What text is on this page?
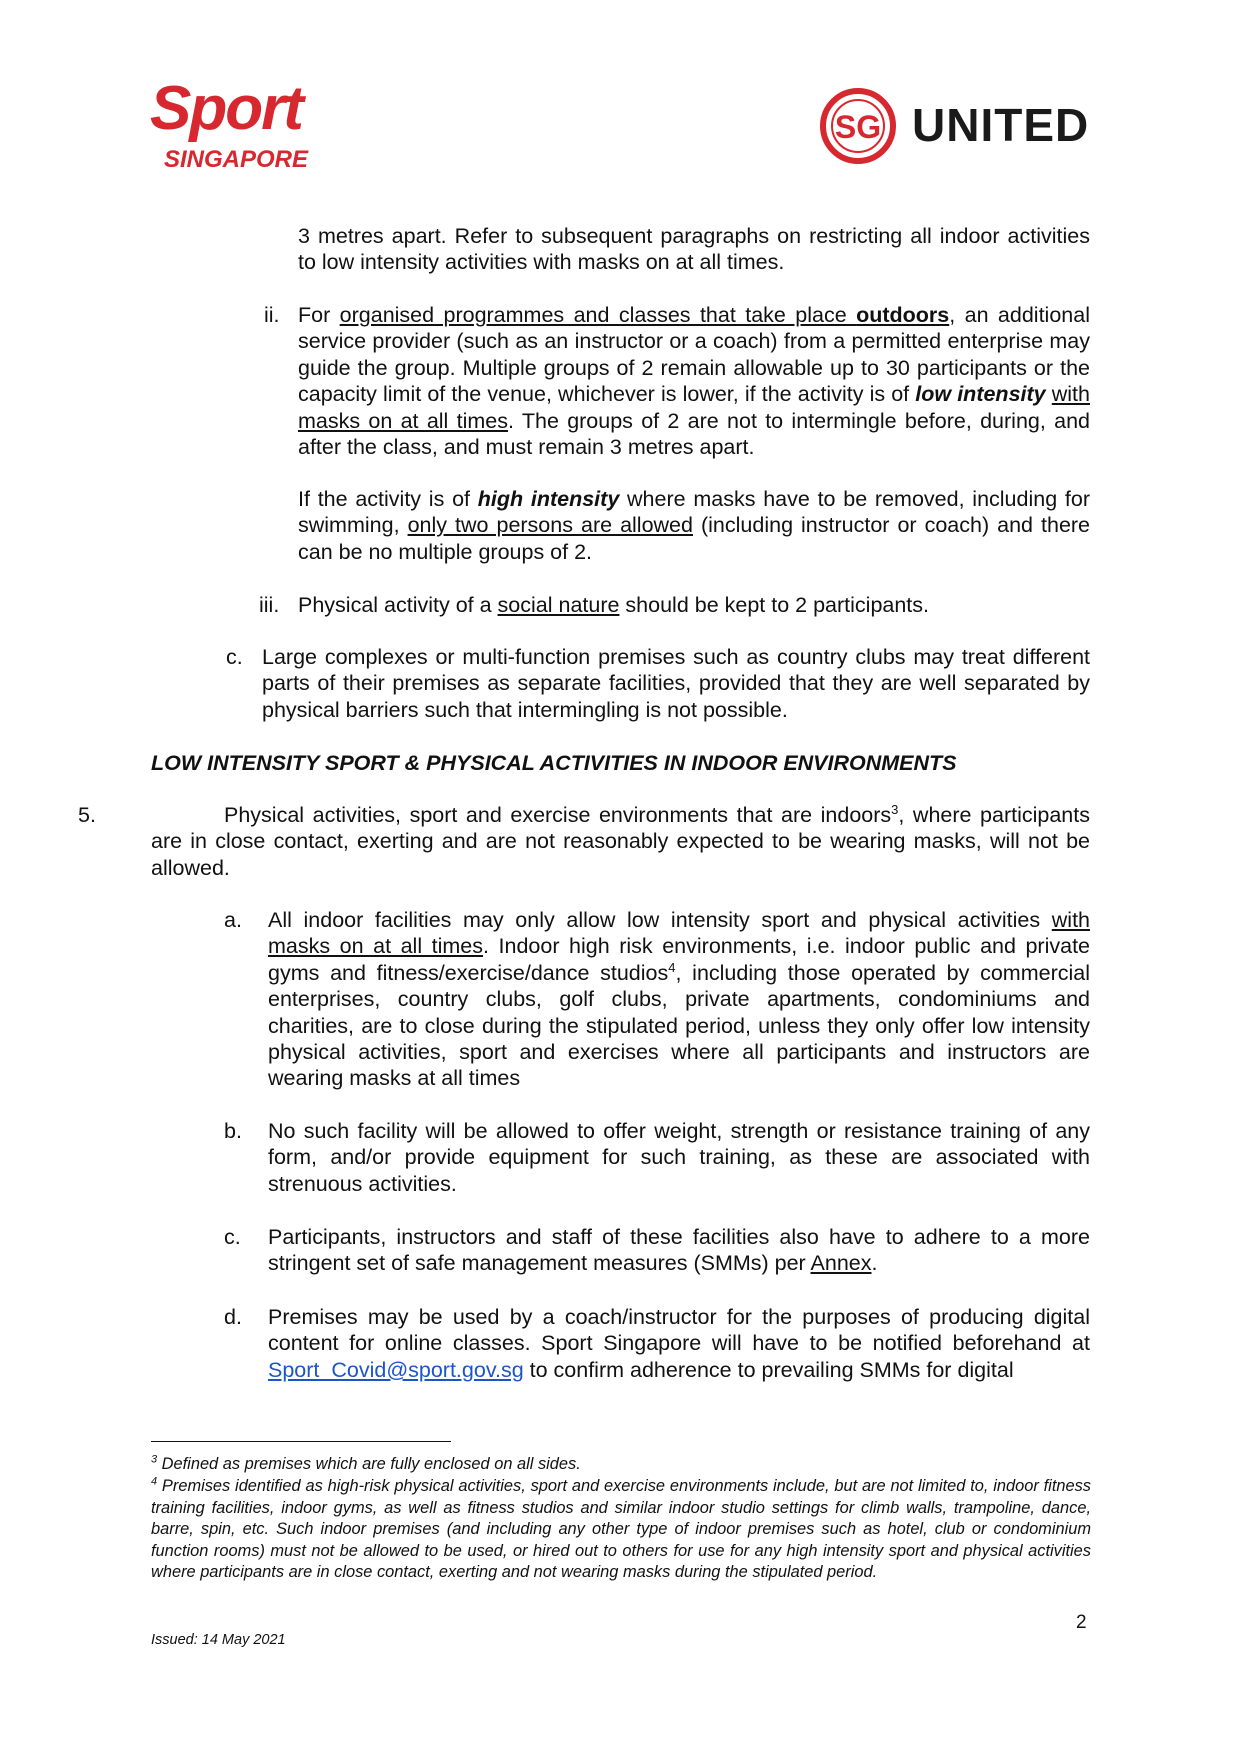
Sport
SINGAPORE
SG UNITED
3 metres apart. Refer to subsequent paragraphs on restricting all indoor activities to low intensity activities with masks on at all times.
ii. For organised programmes and classes that take place outdoors, an additional service provider (such as an instructor or a coach) from a permitted enterprise may guide the group. Multiple groups of 2 remain allowable up to 30 participants or the capacity limit of the venue, whichever is lower, if the activity is of low intensity with masks on at all times. The groups of 2 are not to intermingle before, during, and after the class, and must remain 3 metres apart.
If the activity is of high intensity where masks have to be removed, including for swimming, only two persons are allowed (including instructor or coach) and there can be no multiple groups of 2.
iii. Physical activity of a social nature should be kept to 2 participants.
c. Large complexes or multi-function premises such as country clubs may treat different parts of their premises as separate facilities, provided that they are well separated by physical barriers such that intermingling is not possible.
LOW INTENSITY SPORT & PHYSICAL ACTIVITIES IN INDOOR ENVIRONMENTS
5.	Physical activities, sport and exercise environments that are indoors$^3$, where participants are in close contact, exerting and are not reasonably expected to be wearing masks, will not be allowed.
a. All indoor facilities may only allow low intensity sport and physical activities with masks on at all times. Indoor high risk environments, i.e. indoor public and private gyms and fitness/exercise/dance studios$^4$, including those operated by commercial enterprises, country clubs, golf clubs, private apartments, condominiums and charities, are to close during the stipulated period, unless they only offer low intensity physical activities, sport and exercises where all participants and instructors are wearing masks at all times
b. No such facility will be allowed to offer weight, strength or resistance training of any form, and/or provide equipment for such training, as these are associated with strenuous activities.
c. Participants, instructors and staff of these facilities also have to adhere to a more stringent set of safe management measures (SMMs) per Annex.
d. Premises may be used by a coach/instructor for the purposes of producing digital content for online classes. Sport Singapore will have to be notified beforehand at Sport_Covid@sport.gov.sg to confirm adherence to prevailing SMMs for digital
$^3$ Defined as premises which are fully enclosed on all sides.
$^4$ Premises identified as high-risk physical activities, sport and exercise environments include, but are not limited to, indoor fitness training facilities, indoor gyms, as well as fitness studios and similar indoor studio settings for climb walls, trampoline, dance, barre, spin, etc. Such indoor premises (and including any other type of indoor premises such as hotel, club or condominium function rooms) must not be allowed to be used, or hired out to others for use for any high intensity sport and physical activities where participants are in close contact, exerting and not wearing masks during the stipulated period.
2
Issued: 14 May 2021
